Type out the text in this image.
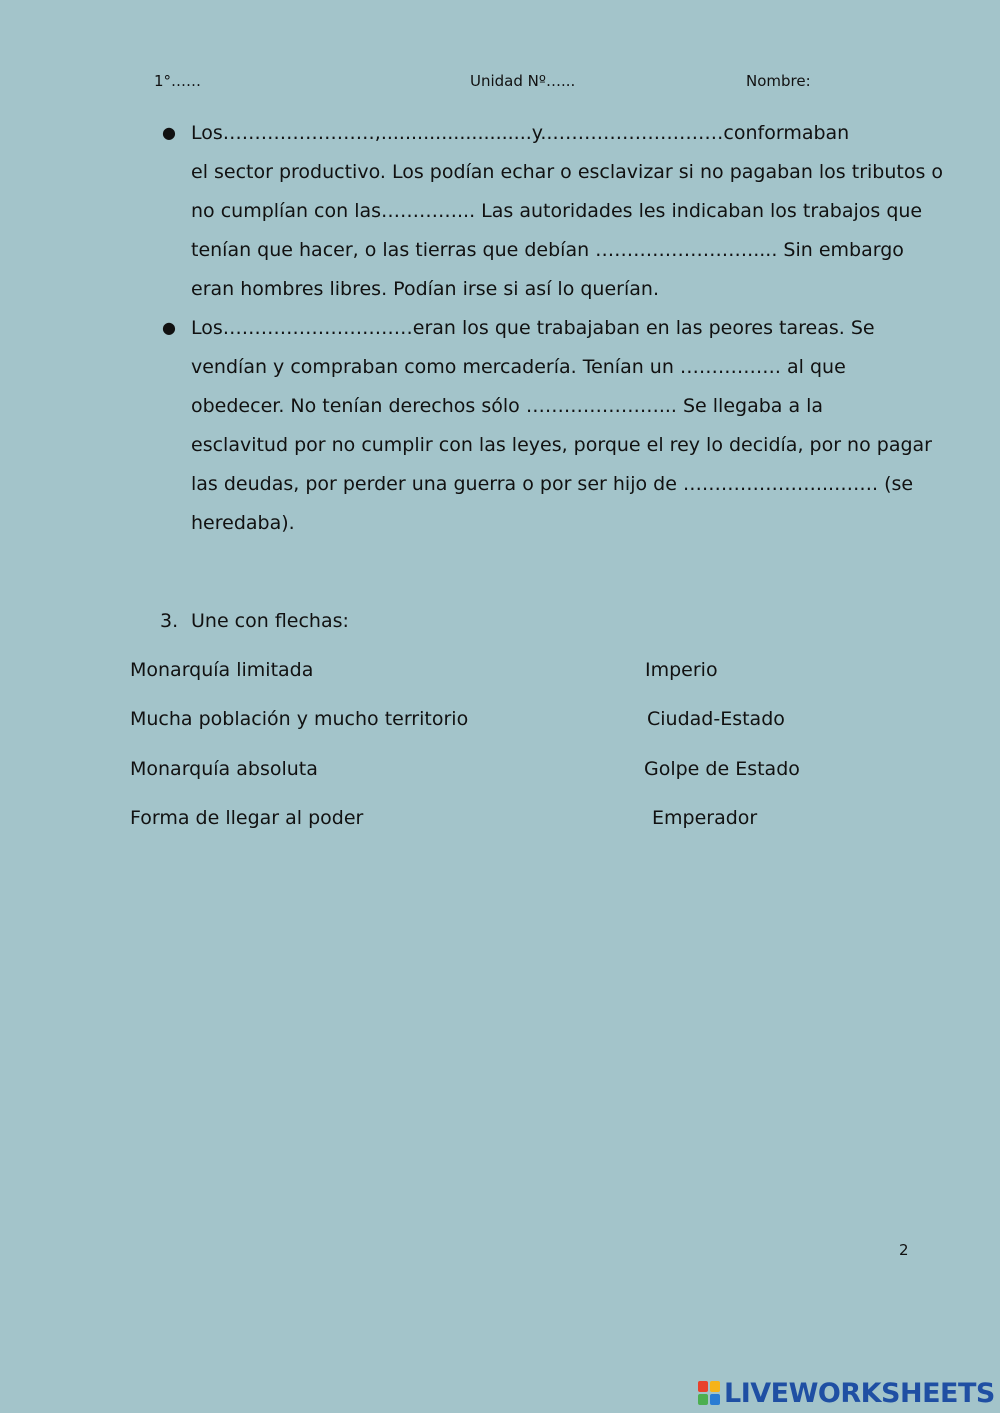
1°……	Unidad Nº…...	Nombre:
● Los……………………,.........................y..………………………conformaban
el sector productivo. Los podían echar o esclavizar si no pagaban los tributos o
no cumplían con las…………... Las autoridades les indicaban los trabajos que
tenían que hacer, o las tierras que debían ……………………..... Sin embargo
eran hombres libres. Podían irse si así lo querían.
● Los…………………………eran los que trabajaban en las peores tareas. Se
vendían y compraban como mercadería. Tenían un ……………. al que
obedecer. No tenían derechos sólo …………………... Se llegaba a la
esclavitud por no cumplir con las leyes, porque el rey lo decidía, por no pagar
las deudas, por perder una guerra o por ser hijo de …………………...……. (se
heredaba).
3. Une con flechas:
Monarquía limitada
Mucha población y mucho territorio
Monarquía absoluta
Forma de llegar al poder
Imperio
Ciudad-Estado
Golpe de Estado
Emperador
2
LIVEWORKSHEETS
